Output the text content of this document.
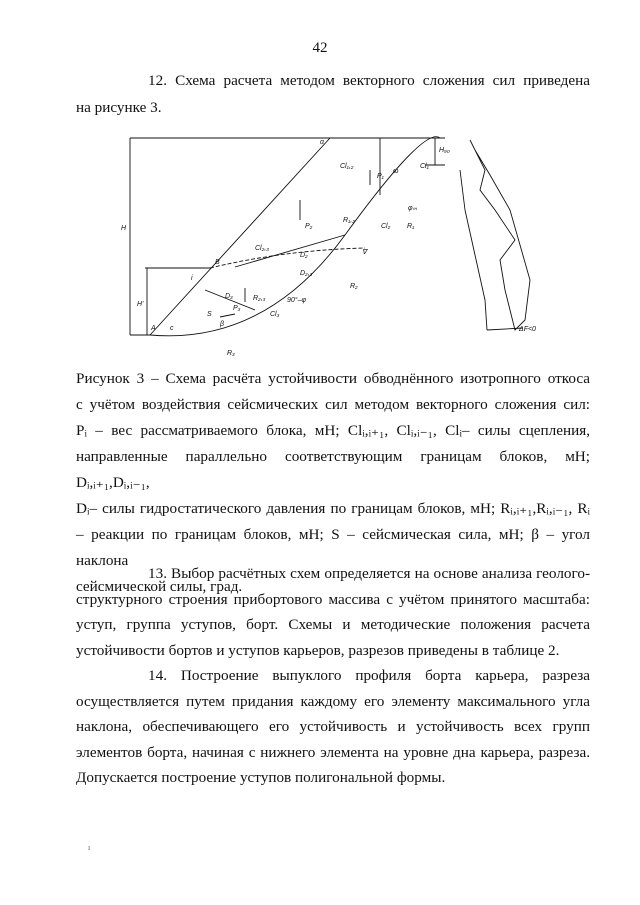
42
12. Схема расчета методом векторного сложения сил приведена
на рисунке 3.
α
H₉₀
H
H'
A
B
c
S
β
P₁
P₂
P₃
R₁
R₂
R₃
R₁,₂
R₂,₃
Cl₁
Cl₂
Cl₃
Cl₁,₂
Cl₂,₃
D₂
D₃
D₂,₃
φₘ
ω
90°–φ
i
∇
ΔF<0
Рисунок 3 – Схема расчёта устойчивости обводнённого изотропного откоса
с учётом воздействия сейсмических сил методом векторного сложения сил:
Pᵢ – вес рассматриваемого блока, мН; Clᵢ,ᵢ₊₁, Clᵢ,ᵢ₋₁, Clᵢ– силы сцепления,
направленные параллельно соответствующим границам блоков, мН; Dᵢ,ᵢ₊₁,Dᵢ,ᵢ₋₁,
Dᵢ– силы гидростатического давления по границам блоков, мН; Rᵢ,ᵢ₊₁,Rᵢ,ᵢ₋₁, Rᵢ
– реакции по границам блоков, мН; S – сейсмическая сила, мН; β – угол наклона
сейсмической силы, град.
13. Выбор расчётных схем определяется на основе анализа геолого-
структурного строения прибортового массива с учётом принятого масштаба:
уступ, группа уступов, борт. Схемы и методические положения расчета
устойчивости бортов и уступов карьеров, разрезов приведены в таблице 2.
14. Построение выпуклого профиля борта карьера, разреза
осуществляется путем придания каждому его элементу максимального угла
наклона, обеспечивающего его устойчивость и устойчивость всех групп
элементов борта, начиная с нижнего элемента на уровне дна карьера, разреза.
Допускается построение уступов полигональной формы.
ı
